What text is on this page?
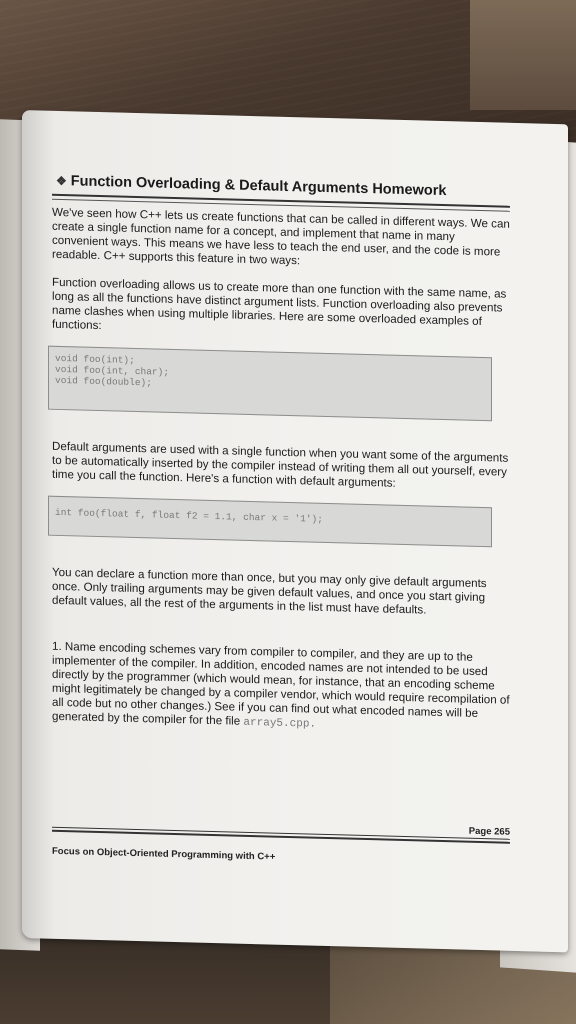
❖ Function Overloading & Default Arguments Homework

We've seen how C++ lets us create functions that can be called in different ways. We can create a single function name for a concept, and implement that name in many convenient ways. This means we have less to teach the end user, and the code is more readable. C++ supports this feature in two ways:

Function overloading allows us to create more than one function with the same name, as long as all the functions have distinct argument lists. Function overloading also prevents name clashes when using multiple libraries. Here are some overloaded examples of functions:

void foo(int);
void foo(int, char);
void foo(double);

Default arguments are used with a single function when you want some of the arguments to be automatically inserted by the compiler instead of writing them all out yourself, every time you call the function. Here's a function with default arguments:

int foo(float f, float f2 = 1.1, char x = '1');

You can declare a function more than once, but you may only give default arguments once. Only trailing arguments may be given default values, and once you start giving default values, all the rest of the arguments in the list must have defaults.

1. Name encoding schemes vary from compiler to compiler, and they are up to the implementer of the compiler. In addition, encoded names are not intended to be used directly by the programmer (which would mean, for instance, that an encoding scheme might legitimately be changed by a compiler vendor, which would require recompilation of all code but no other changes.) See if you can find out what encoded names will be generated by the compiler for the file array5.cpp.

Page 265
Focus on Object-Oriented Programming with C++
